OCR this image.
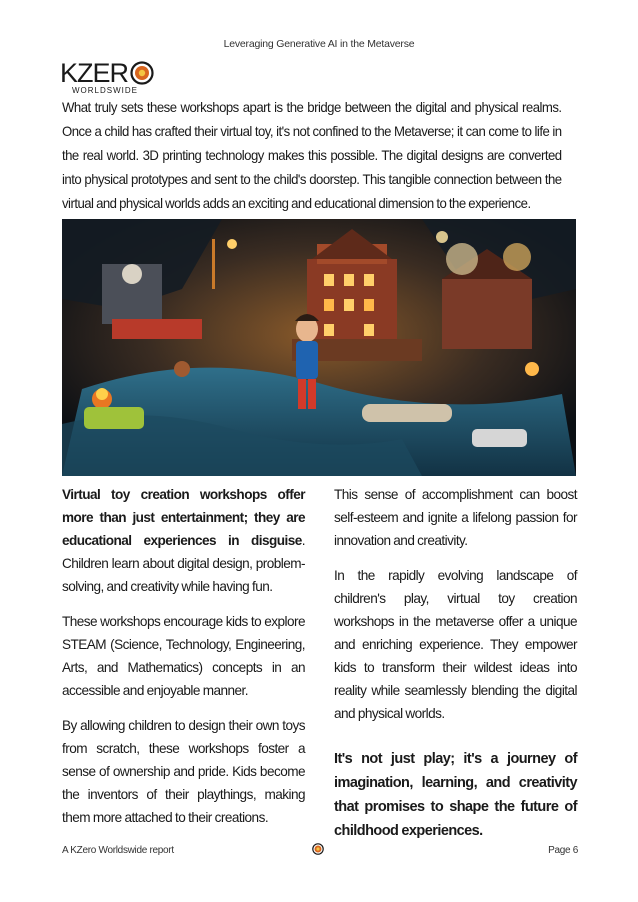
Leveraging Generative AI in the Metaverse
KZER
WORLDSWIDE

What truly sets these workshops apart is the bridge between the digital and physical realms. Once a child has crafted their virtual toy, it's not confined to the Metaverse; it can come to life in the real world. 3D printing technology makes this possible. The digital designs are converted into physical prototypes and sent to the child's doorstep. This tangible connection between the virtual and physical worlds adds an exciting and educational dimension to the experience.

Virtual toy creation workshops offer more than just entertainment; they are educational experiences in disguise. Children learn about digital design, problem-solving, and creativity while having fun.

These workshops encourage kids to explore STEAM (Science, Technology, Engineering, Arts, and Mathematics) concepts in an accessible and enjoyable manner.

By allowing children to design their own toys from scratch, these workshops foster a sense of ownership and pride. Kids become the inventors of their playthings, making them more attached to their creations.

This sense of accomplishment can boost self-esteem and ignite a lifelong passion for innovation and creativity.

In the rapidly evolving landscape of children's play, virtual toy creation workshops in the metaverse offer a unique and enriching experience. They empower kids to transform their wildest ideas into reality while seamlessly blending the digital and physical worlds.

It's not just play; it's a journey of imagination, learning, and creativity that promises to shape the future of childhood experiences.

A KZero Worldswide report	Page 6
